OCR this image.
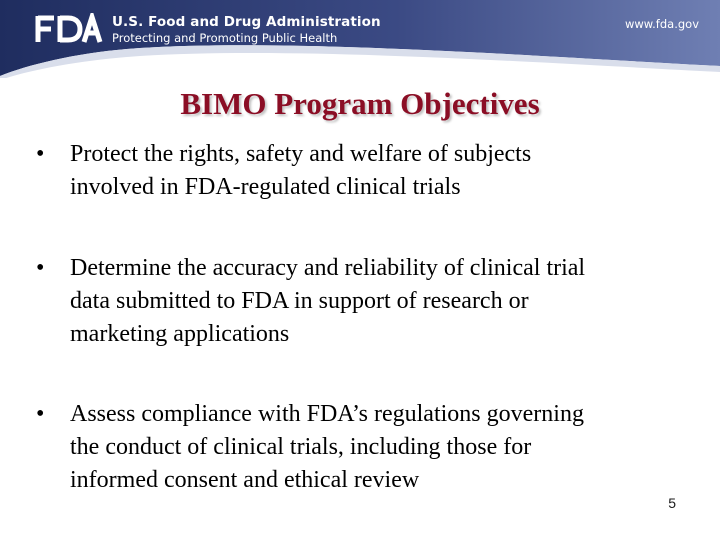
U.S. Food and Drug Administration
Protecting and Promoting Public Health
www.fda.gov
BIMO Program Objectives
• Protect the rights, safety and welfare of subjects
involved in FDA-regulated clinical trials
• Determine the accuracy and reliability of clinical trial
data submitted to FDA in support of research or
marketing applications
• Assess compliance with FDA’s regulations governing
the conduct of clinical trials, including those for
informed consent and ethical review
5
